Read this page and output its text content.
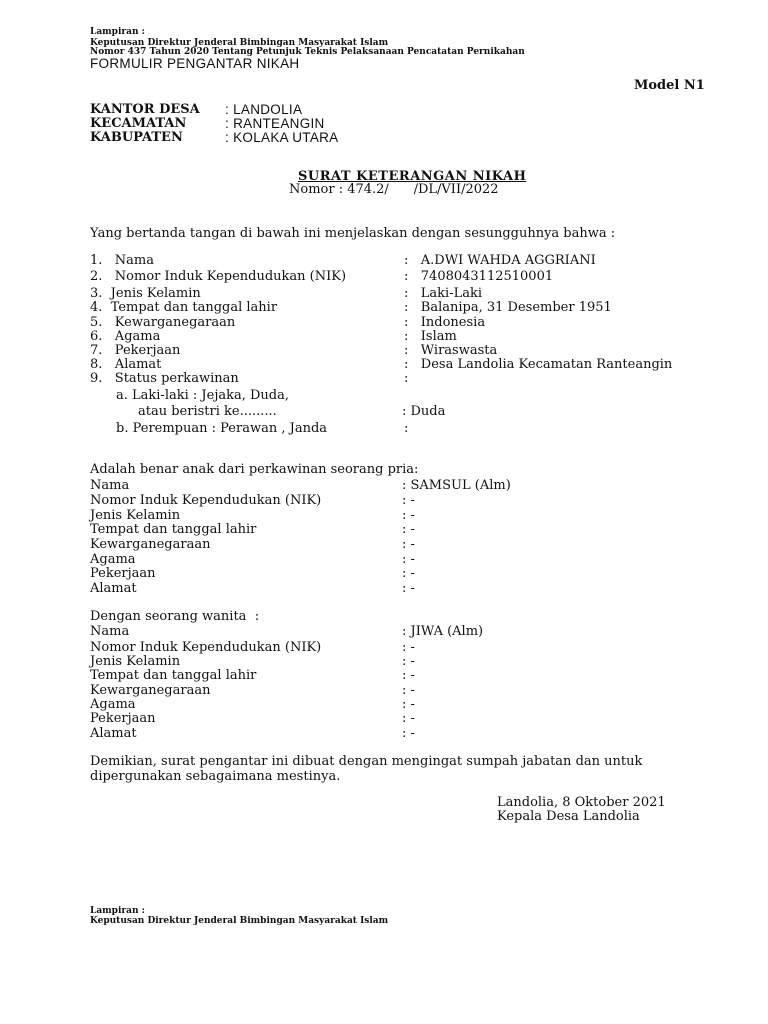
Lampiran :
Keputusan Direktur Jenderal Bimbingan Masyarakat Islam
Nomor 437 Tahun 2020 Tentang Petunjuk Teknis Pelaksanaan Pencatatan Pernikahan
FORMULIR PENGANTAR NIKAH
Model N1
KANTOR DESA : LANDOLIA
KECAMATAN	: RANTEANGIN
KABUPATEN	: KOLAKA UTARA
SURAT KETERANGAN NIKAH
Nomor : 474.2/      /DL/VII/2022
Yang bertanda tangan di bawah ini menjelaskan dengan sesungguhnya bahwa :
1.   Nama	:   A.DWI WAHDA AGGRIANI
2.   Nomor Induk Kependudukan (NIK)	:   7408043112510001
3.  Jenis Kelamin	:   Laki-Laki
4.  Tempat dan tanggal lahir	:   Balanipa, 31 Desember 1951
5.   Kewarganegaraan	:   Indonesia
6.   Agama	:   Islam
7.   Pekerjaan	:   Wiraswasta
8.   Alamat	:   Desa Landolia Kecamatan Ranteangin
9.   Status perkawinan	:
a. Laki-laki : Jejaka, Duda,
atau beristri ke.........	: Duda
b. Perempuan : Perawan , Janda	:
Adalah benar anak dari perkawinan seorang pria:
Nama	: SAMSUL (Alm)
Nomor Induk Kependudukan (NIK)	: -
Jenis Kelamin	: -
Tempat dan tanggal lahir	: -
Kewarganegaraan	: -
Agama	: -
Pekerjaan	: -
Alamat	: -
Dengan seorang wanita  :
Nama	: JIWA (Alm)
Nomor Induk Kependudukan (NIK)	: -
Jenis Kelamin	: -
Tempat dan tanggal lahir	: -
Kewarganegaraan	: -
Agama	: -
Pekerjaan	: -
Alamat	: -
Demikian, surat pengantar ini dibuat dengan mengingat sumpah jabatan dan untuk
dipergunakan sebagaimana mestinya.
Landolia, 8 Oktober 2021
Kepala Desa Landolia
Lampiran :
Keputusan Direktur Jenderal Bimbingan Masyarakat Islam
